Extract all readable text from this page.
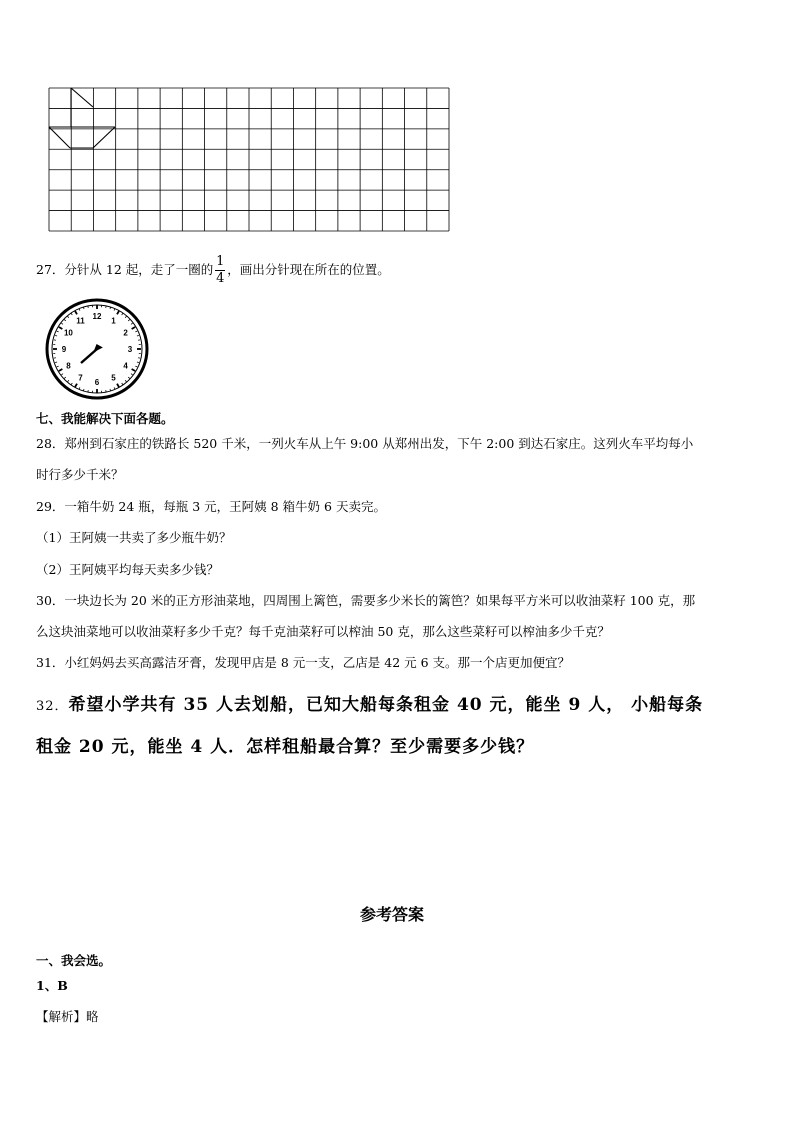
27．分针从 12 起，走了一圈的 $\frac{1}{4}$ ，画出分针现在所在的位置。
12 1
2
3
4
5
6
7
8
9
10
11
七、我能解决下面各题。
28．郑州到石家庄的铁路长 520 千米，一列火车从上午 9:00 从郑州出发，下午 2:00 到达石家庄。这列火车平均每小
时行多少千米？
29．一箱牛奶 24 瓶，每瓶 3 元，王阿姨 8 箱牛奶 6 天卖完。
（1）王阿姨一共卖了多少瓶牛奶？
（2）王阿姨平均每天卖多少钱？
30．一块边长为 20 米的正方形油菜地，四周围上篱笆，需要多少米长的篱笆？如果每平方米可以收油菜籽 100 克，那
么这块油菜地可以收油菜籽多少千克？每千克油菜籽可以榨油 50 克，那么这些菜籽可以榨油多少千克？
31．小红妈妈去买高露洁牙膏，发现甲店是 8 元一支，乙店是 42 元 6 支。那一个店更加便宜？
32．希望小学共有 35 人去划船，已知大船每条租金 40 元，能坐 9 人， 小船每条
租金 20 元，能坐 4 人．怎样租船最合算？至少需要多少钱？
参考答案
一、我会选。
1、B
【解析】略
